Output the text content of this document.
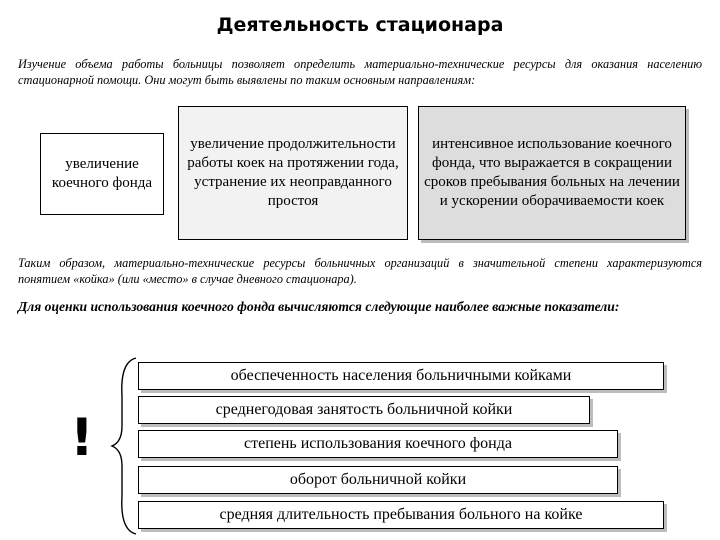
Деятельность стационара
Изучение объема работы больницы позволяет определить материально-технические ресурсы для оказания населению стационарной помощи. Они могут быть выявлены по таким основным направлениям:
увеличение коечного фонда
увеличение продолжительности работы коек на протяжении года, устранение их неоправданного простоя
интенсивное использование коечного фонда, что выражается в сокращении сроков пребывания больных на лечении и ускорении оборачиваемости коек
Таким образом, материально-технические ресурсы больничных организаций в значительной степени характеризуются понятием «койка» (или «место» в случае дневного стационара).
Для оценки использования коечного фонда вычисляются следующие наиболее важные показатели:
!
обеспеченность населения больничными койками
среднегодовая занятость больничной койки
степень использования коечного фонда
оборот больничной койки
средняя длительность пребывания больного на койке
